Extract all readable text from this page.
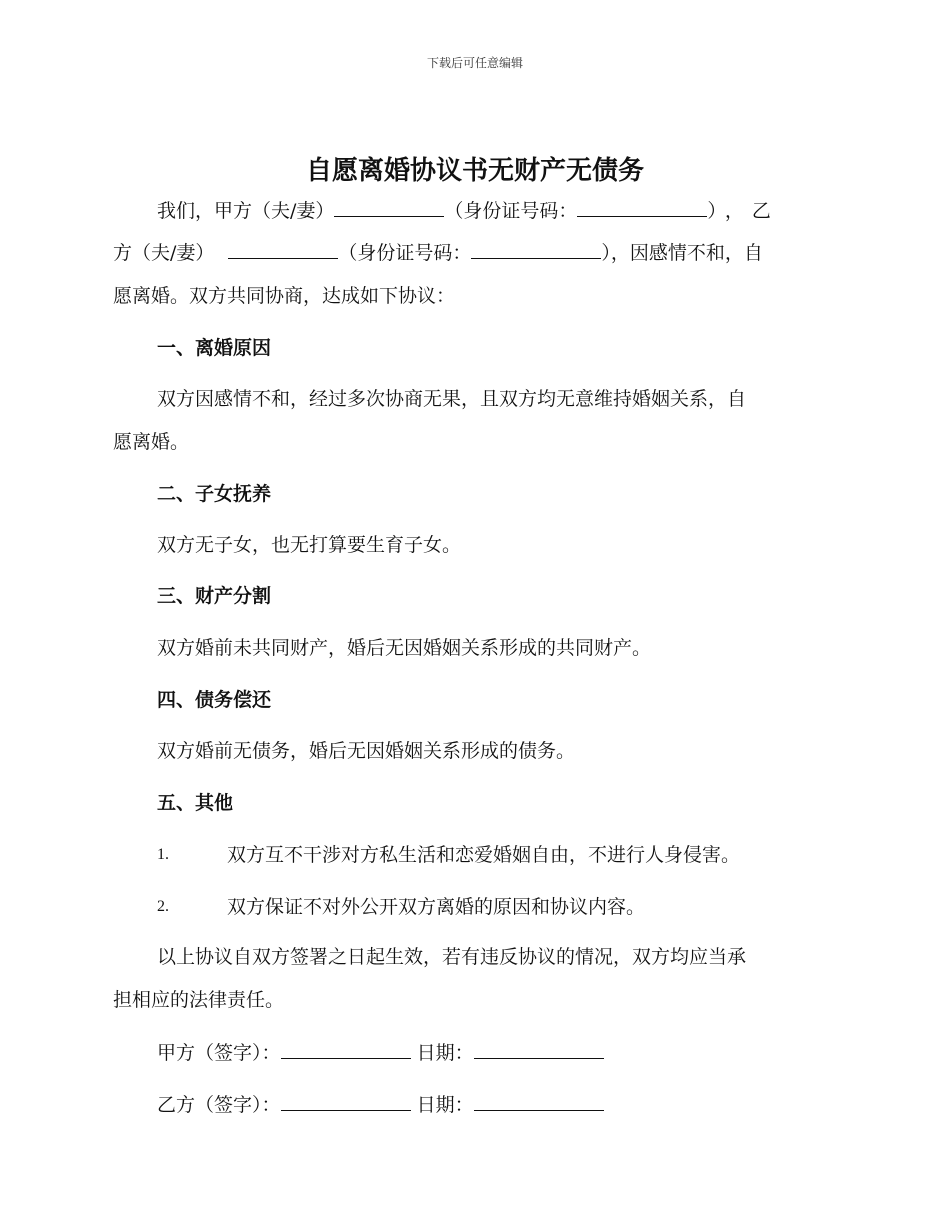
下载后可任意编辑
自愿离婚协议书无财产无债务
我们，甲方（夫/妻）	（身份证号码：	），乙
方（夫/妻）	（身份证号码：	），因感情不和，自
愿离婚。双方共同协商，达成如下协议：
一、离婚原因
双方因感情不和，经过多次协商无果，且双方均无意维持婚姻关系，自
愿离婚。
二、子女抚养
双方无子女，也无打算要生育子女。
三、财产分割
双方婚前未共同财产，婚后无因婚姻关系形成的共同财产。
四、债务偿还
双方婚前无债务，婚后无因婚姻关系形成的债务。
五、其他
1.	双方互不干涉对方私生活和恋爱婚姻自由，不进行人身侵害。
2.	双方保证不对外公开双方离婚的原因和协议内容。
以上协议自双方签署之日起生效，若有违反协议的情况，双方均应当承
担相应的法律责任。
甲方（签字）：	日期：
乙方（签字）：	日期：
